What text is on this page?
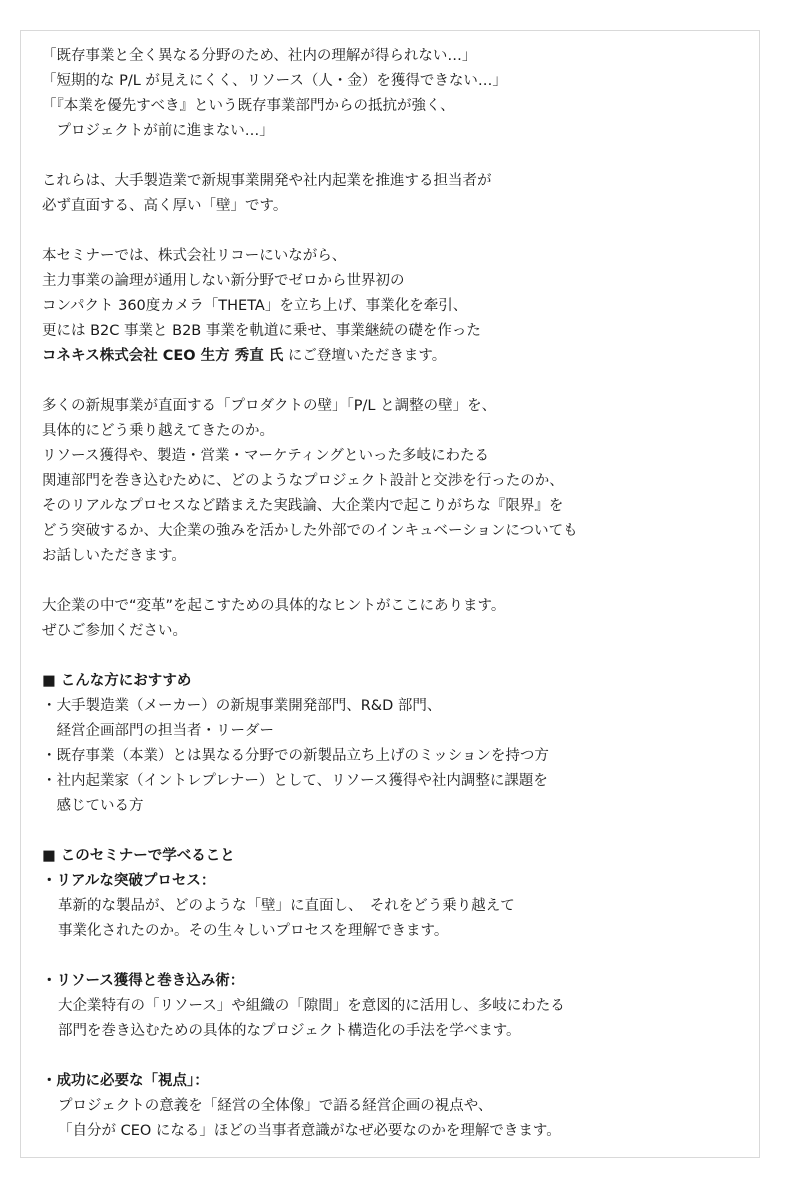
「既存事業と全く異なる分野のため、社内の理解が得られない…」
「短期的な P/L が見えにくく、リソース（人・金）を獲得できない…」
「『本業を優先すべき』という既存事業部門からの抵抗が強く、
　プロジェクトが前に進まない…」
これらは、大手製造業で新規事業開発や社内起業を推進する担当者が
必ず直面する、高く厚い「壁」です。
本セミナーでは、株式会社リコーにいながら、
主力事業の論理が通用しない新分野でゼロから世界初の
コンパクト 360度カメラ「THETA」を立ち上げ、事業化を牽引、
更には B2C 事業と B2B 事業を軌道に乗せ、事業継続の礎を作った
コネキス株式会社 CEO 生方 秀直 氏 にご登壇いただきます。
多くの新規事業が直面する「プロダクトの壁」「P/L と調整の壁」を、
具体的にどう乗り越えてきたのか。
リソース獲得や、製造・営業・マーケティングといった多岐にわたる
関連部門を巻き込むために、どのようなプロジェクト設計と交渉を行ったのか、
そのリアルなプロセスなど踏まえた実践論、大企業内で起こりがちな『限界』を
どう突破するか、大企業の強みを活かした外部でのインキュベーションについても
お話しいただきます。
大企業の中で“変革”を起こすための具体的なヒントがここにあります。
ぜひご参加ください。
■ こんな方におすすめ
・大手製造業（メーカー）の新規事業開発部門、R&D 部門、
　経営企画部門の担当者・リーダー
・既存事業（本業）とは異なる分野での新製品立ち上げのミッションを持つ方
・社内起業家（イントレプレナー）として、リソース獲得や社内調整に課題を
　感じている方
■ このセミナーで学べること
・リアルな突破プロセス：
革新的な製品が、どのような「壁」に直面し、　それをどう乗り越えて
事業化されたのか。その生々しいプロセスを理解できます。
・リソース獲得と巻き込み術：
大企業特有の「リソース」や組織の「隙間」を意図的に活用し、多岐にわたる
部門を巻き込むための具体的なプロジェクト構造化の手法を学べます。
・成功に必要な「視点」：
プロジェクトの意義を「経営の全体像」で語る経営企画の視点や、
「自分が CEO になる」ほどの当事者意識がなぜ必要なのかを理解できます。
